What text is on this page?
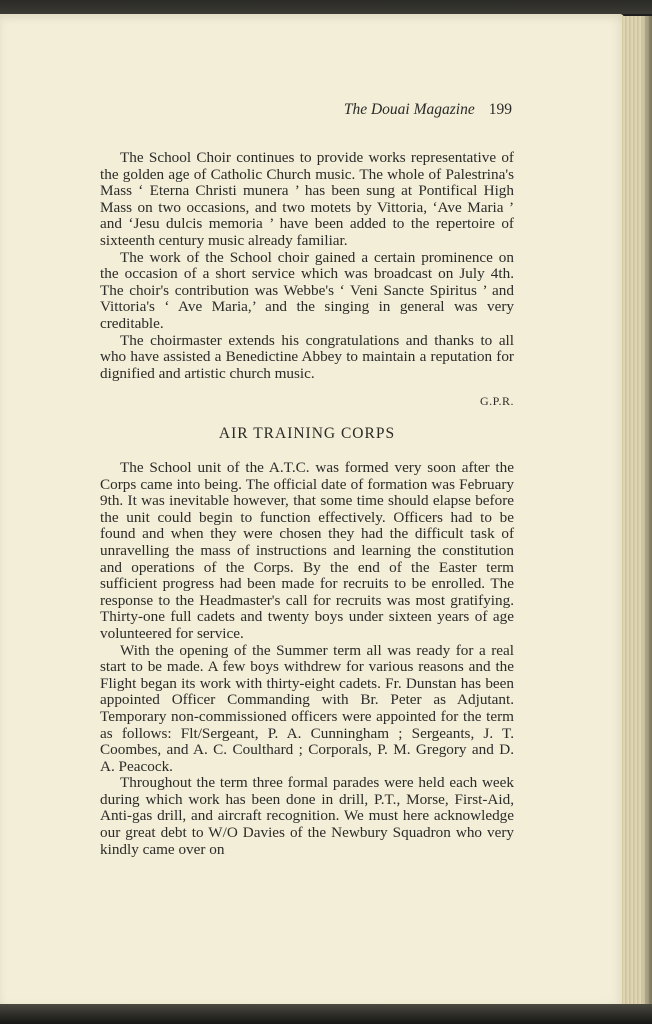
The Douai Magazine 199

The School Choir continues to provide works representative of the golden age of Catholic Church music. The whole of Palestrina's Mass ‘ Eterna Christi munera ’ has been sung at Pontifical High Mass on two occasions, and two motets by Vittoria, ‘Ave Maria ’ and ‘Jesu dulcis memoria ’ have been added to the repertoire of sixteenth century music already familiar.

The work of the School choir gained a certain prominence on the occasion of a short service which was broadcast on July 4th. The choir's contribution was Webbe's ‘ Veni Sancte Spiritus ’ and Vittoria's ‘ Ave Maria,’ and the singing in general was very creditable.

The choirmaster extends his congratulations and thanks to all who have assisted a Benedictine Abbey to maintain a reputation for dignified and artistic church music.

G.P.R.
AIR TRAINING CORPS

The School unit of the A.T.C. was formed very soon after the Corps came into being. The official date of formation was February 9th. It was inevitable however, that some time should elapse before the unit could begin to function effectively. Officers had to be found and when they were chosen they had the difficult task of unravelling the mass of instructions and learning the constitution and operations of the Corps. By the end of the Easter term sufficient progress had been made for recruits to be enrolled. The response to the Headmaster's call for recruits was most gratifying. Thirty-one full cadets and twenty boys under sixteen years of age volunteered for service.

With the opening of the Summer term all was ready for a real start to be made. A few boys withdrew for various reasons and the Flight began its work with thirty-eight cadets. Fr. Dunstan has been appointed Officer Commanding with Br. Peter as Adjutant. Temporary non-commissioned officers were appointed for the term as follows: Flt/Sergeant, P. A. Cunningham ; Sergeants, J. T. Coombes, and A. C. Coulthard ; Corporals, P. M. Gregory and D. A. Peacock.

Throughout the term three formal parades were held each week during which work has been done in drill, P.T., Morse, First-Aid, Anti-gas drill, and aircraft recognition. We must here acknowledge our great debt to W/O Davies of the Newbury Squadron who very kindly came over on
